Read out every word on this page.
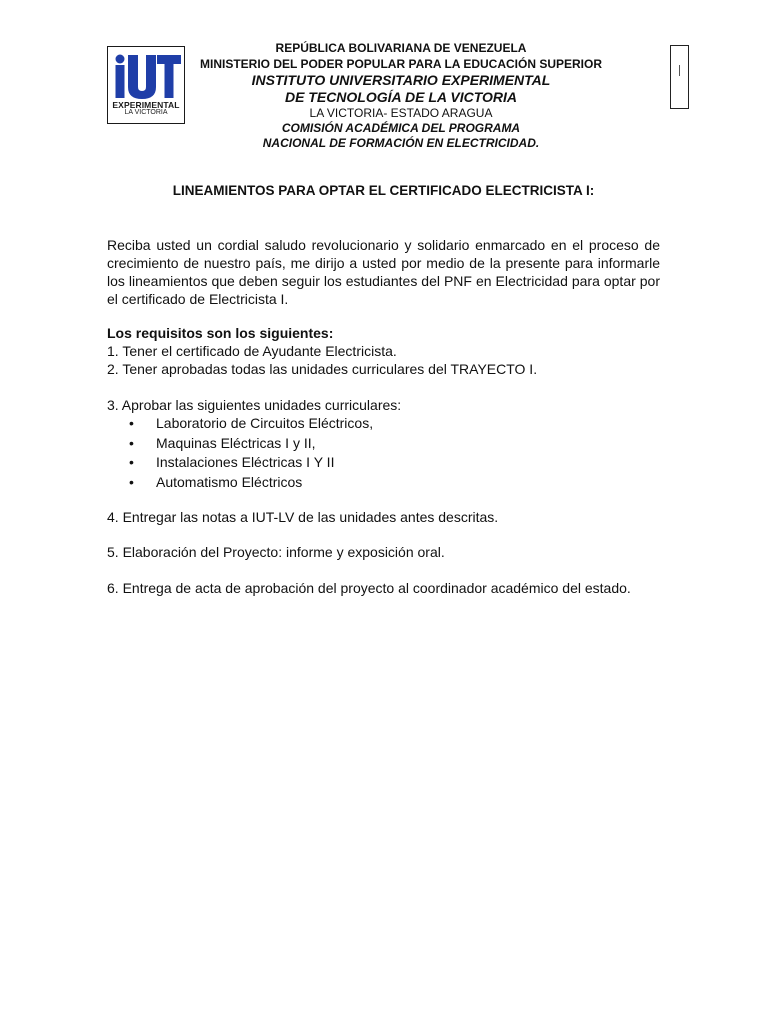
EXPERIMENTAL
LA VICTORIA
REPÚBLICA BOLIVARIANA DE VENEZUELA
MINISTERIO DEL PODER POPULAR PARA LA EDUCACIÓN SUPERIOR
INSTITUTO UNIVERSITARIO EXPERIMENTAL
DE TECNOLOGÍA DE LA VICTORIA
LA VICTORIA- ESTADO ARAGUA
COMISIÓN ACADÉMICA DEL PROGRAMA
NACIONAL DE FORMACIÓN EN ELECTRICIDAD.
LINEAMIENTOS PARA OPTAR EL CERTIFICADO ELECTRICISTA I:
Reciba usted un cordial saludo revolucionario y solidario enmarcado en el proceso de crecimiento de nuestro país, me dirijo a usted por medio de la presente para informarle los lineamientos que deben seguir los estudiantes del PNF en Electricidad para optar por el certificado de Electricista I.
Los requisitos son los siguientes:
1. Tener el certificado de Ayudante Electricista.
2. Tener aprobadas todas las unidades curriculares del TRAYECTO I.
3. Aprobar las siguientes unidades curriculares:
• Laboratorio de Circuitos Eléctricos,
• Maquinas Eléctricas I y II,
• Instalaciones Eléctricas I Y II
• Automatismo Eléctricos
4. Entregar las notas a IUT-LV de las unidades antes descritas.
5. Elaboración del Proyecto: informe y exposición oral.
6. Entrega de acta de aprobación del proyecto al coordinador académico del estado.
